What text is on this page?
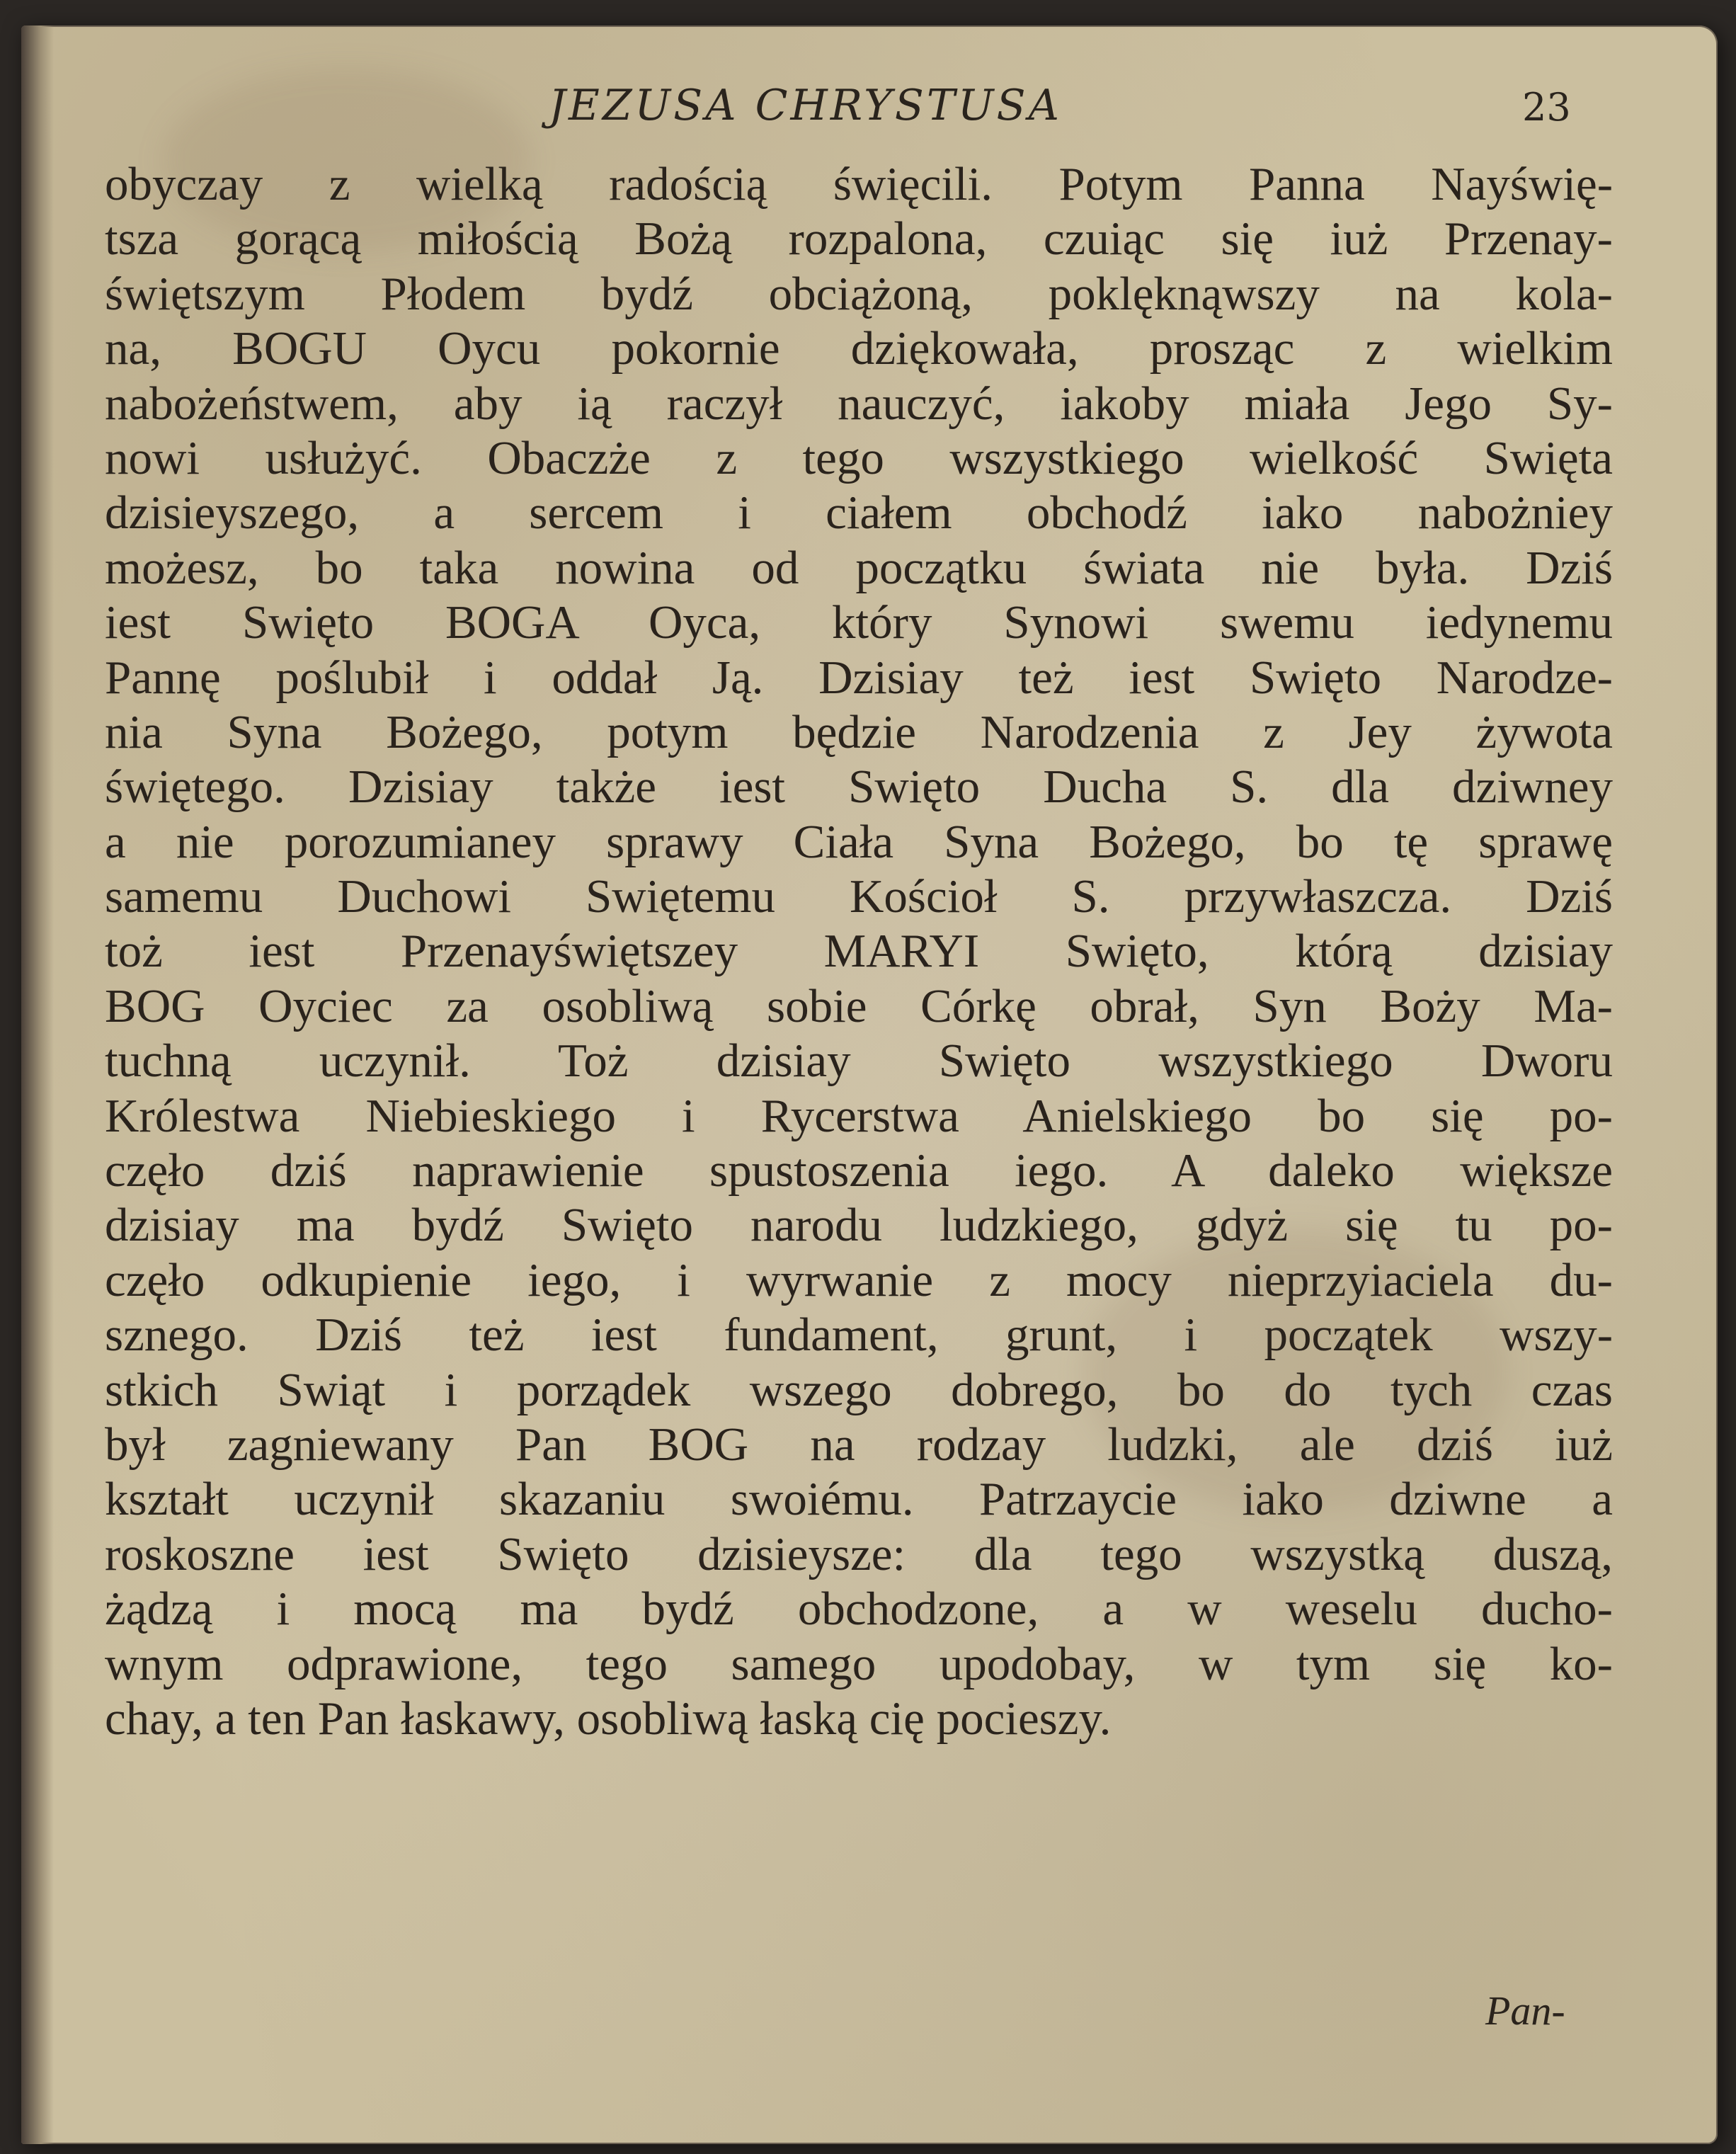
JEZUSA CHRYSTUSA	23
obyczay z wielką radością święcili. Potym Panna Nayświę-
tsza gorącą miłością Bożą rozpalona, czuiąc się iuż Przenay-
świętszym Płodem bydź obciążoną, poklęknąwszy na kola-
na, BOGU Oycu pokornie dziękowała, prosząc z wielkim
nabożeństwem, aby ią raczył nauczyć, iakoby miała Jego Sy-
nowi usłużyć. Obaczże z tego wszystkiego wielkość Swięta
dzisieyszego, a sercem i ciałem obchodź iako nabożniey
możesz, bo taka nowina od początku świata nie była. Dziś
iest Swięto BOGA Oyca, który Synowi swemu iedynemu
Pannę poślubił i oddał Ją. Dzisiay też iest Swięto Narodze-
nia Syna Bożego, potym będzie Narodzenia z Jey żywota
świętego. Dzisiay także iest Swięto Ducha S. dla dziwney
a nie porozumianey sprawy Ciała Syna Bożego, bo tę sprawę
samemu Duchowi Swiętemu Kościoł S. przywłaszcza. Dziś
toż iest Przenayświętszey MARYI Swięto, którą dzisiay
BOG Oyciec za osobliwą sobie Córkę obrał, Syn Boży Ma-
tuchną uczynił. Toż dzisiay Swięto wszystkiego Dworu
Królestwa Niebieskiego i Rycerstwa Anielskiego bo się po-
częło dziś naprawienie spustoszenia iego. A daleko większe
dzisiay ma bydź Swięto narodu ludzkiego, gdyż się tu po-
częło odkupienie iego, i wyrwanie z mocy nieprzyiaciela du-
sznego. Dziś też iest fundament, grunt, i początek wszy-
stkich Swiąt i porządek wszego dobrego, bo do tych czas
był zagniewany Pan BOG na rodzay ludzki, ale dziś iuż
kształt uczynił skazaniu swoiému. Patrzaycie iako dziwne a
roskoszne iest Swięto dzisieysze: dla tego wszystką duszą,
żądzą i mocą ma bydź obchodzone, a w weselu ducho-
wnym odprawione, tego samego upodobay, w tym się ko-
chay, a ten Pan łaskawy, osobliwą łaską cię pocieszy.
Pan-
